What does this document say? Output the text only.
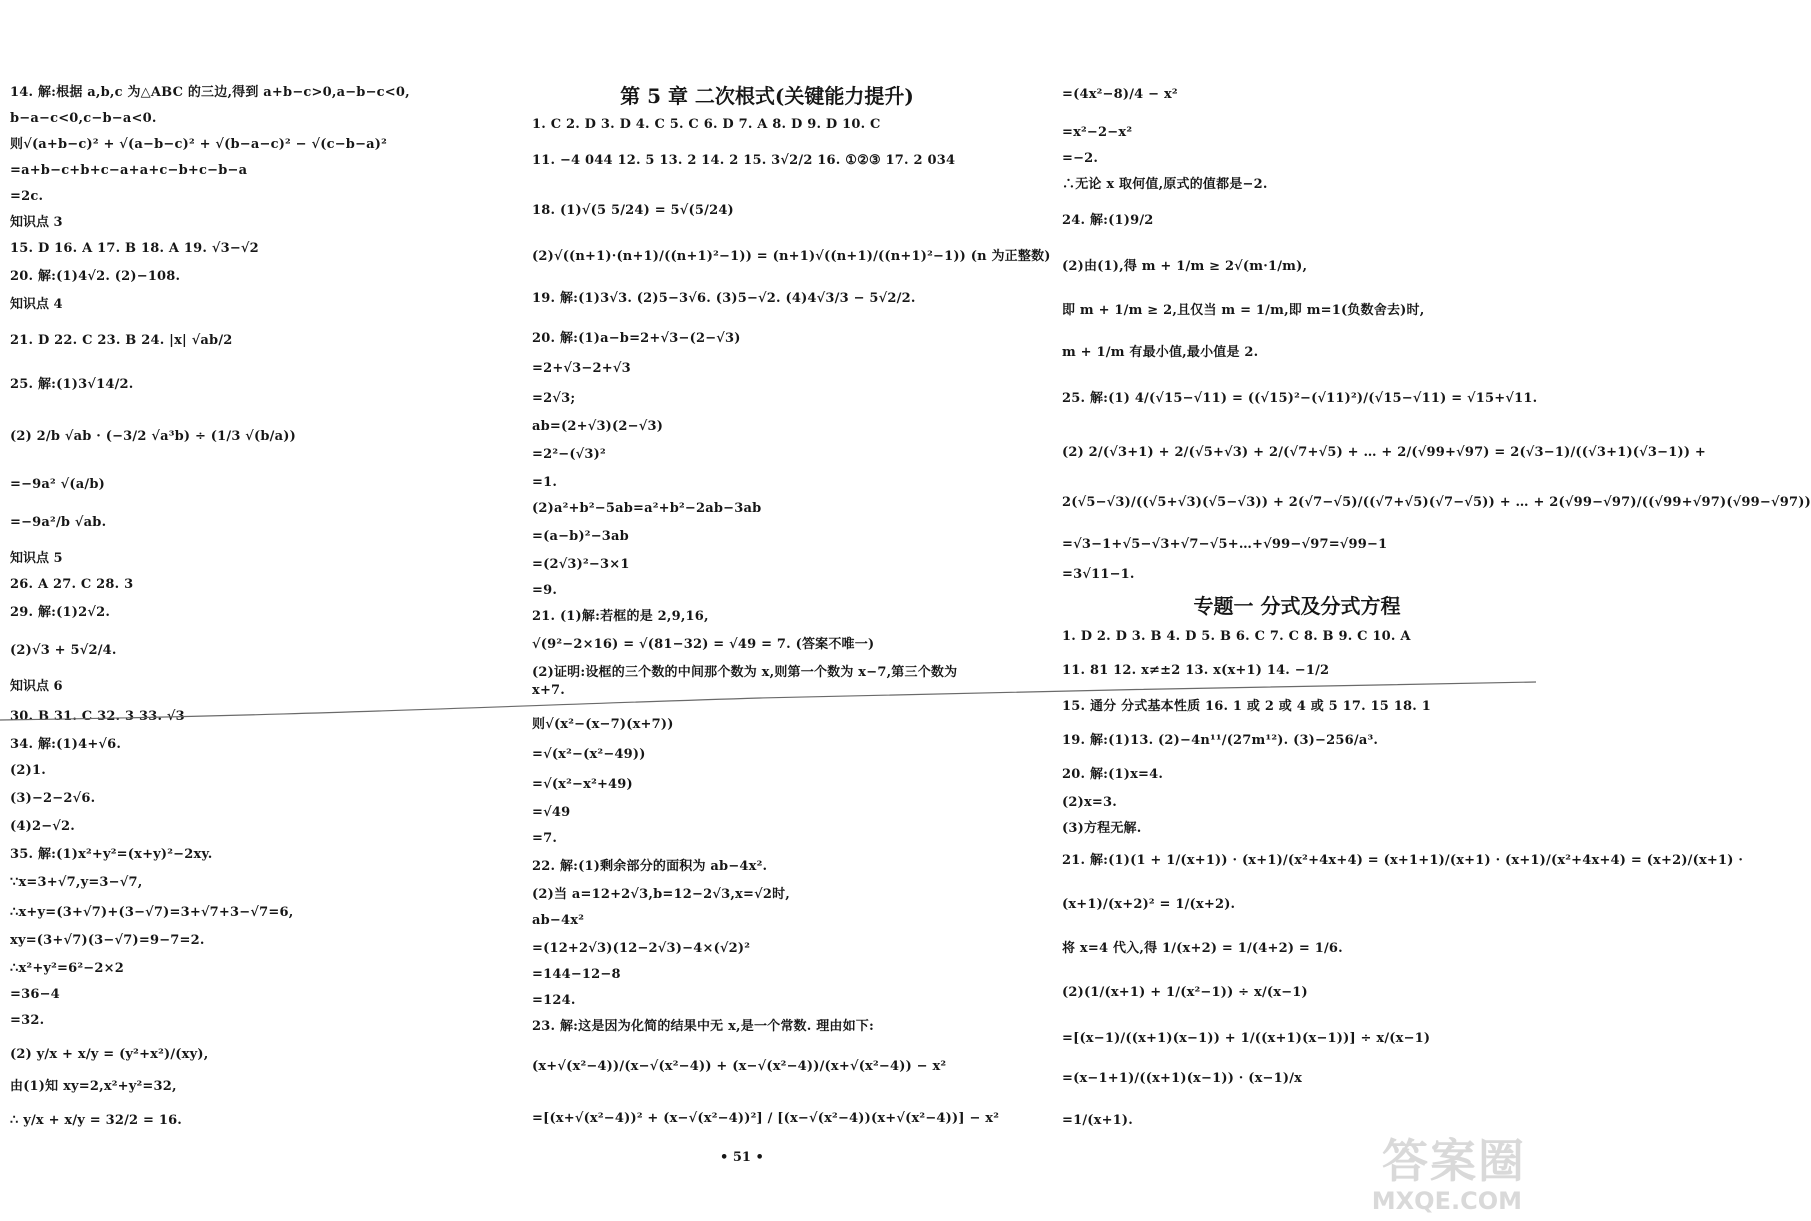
14. 解:根据 a,b,c 为△ABC 的三边,得到 a+b−c>0,a−b−c<0,
b−a−c<0,c−b−a<0.
则√(a+b−c)² + √(a−b−c)² + √(b−a−c)² − √(c−b−a)²
=a+b−c+b+c−a+a+c−b+c−b−a
=2c.
知识点 3
15. D 16. A 17. B 18. A 19. √3−√2
20. 解:(1)4√2. (2)−108.
知识点 4
21. D 22. C 23. B 24. |x| √ab/2
25. 解:(1)3√14/2.
(2) 2/b √ab · (−3/2 √a³b) ÷ (1/3 √(b/a))
=−9a² √(a/b)
=−9a²/b √ab.
知识点 5
26. A 27. C 28. 3
29. 解:(1)2√2.
(2)√3 + 5√2/4.
知识点 6
30. B 31. C 32. 3 33. √3
34. 解:(1)4+√6.
(2)1.
(3)−2−2√6.
(4)2−√2.
35. 解:(1)x²+y²=(x+y)²−2xy.
∵x=3+√7,y=3−√7,
∴x+y=(3+√7)+(3−√7)=3+√7+3−√7=6,
xy=(3+√7)(3−√7)=9−7=2.
∴x²+y²=6²−2×2
=36−4
=32.
(2) y/x + x/y = (y²+x²)/(xy),
由(1)知 xy=2,x²+y²=32,
∴ y/x + x/y = 32/2 = 16.
第 5 章 二次根式(关键能力提升)
1. C 2. D 3. D 4. C 5. C 6. D 7. A 8. D 9. D 10. C
11. −4 044 12. 5 13. 2 14. 2 15. 3√2/2 16. ①②③ 17. 2 034
18. (1)√(5 5/24) = 5√(5/24)
(2)√((n+1)·(n+1)/((n+1)²−1)) = (n+1)√((n+1)/((n+1)²−1)) (n 为正整数)
19. 解:(1)3√3. (2)5−3√6. (3)5−√2. (4)4√3/3 − 5√2/2.
20. 解:(1)a−b=2+√3−(2−√3)
=2+√3−2+√3
=2√3;
ab=(2+√3)(2−√3)
=2²−(√3)²
=1.
(2)a²+b²−5ab=a²+b²−2ab−3ab
=(a−b)²−3ab
=(2√3)²−3×1
=9.
21. (1)解:若框的是 2,9,16,
√(9²−2×16) = √(81−32) = √49 = 7. (答案不唯一)
(2)证明:设框的三个数的中间那个数为 x,则第一个数为 x−7,第三个数为 x+7.
则√(x²−(x−7)(x+7))
=√(x²−(x²−49))
=√(x²−x²+49)
=√49
=7.
22. 解:(1)剩余部分的面积为 ab−4x².
(2)当 a=12+2√3,b=12−2√3,x=√2时,
ab−4x²
=(12+2√3)(12−2√3)−4×(√2)²
=144−12−8
=124.
23. 解:这是因为化简的结果中无 x,是一个常数. 理由如下:
(x+√(x²−4))/(x−√(x²−4)) + (x−√(x²−4))/(x+√(x²−4)) − x²
=[(x+√(x²−4))² + (x−√(x²−4))²] / [(x−√(x²−4))(x+√(x²−4))] − x²
=(4x²−8)/4 − x²
=x²−2−x²
=−2.
∴无论 x 取何值,原式的值都是−2.
24. 解:(1)9/2
(2)由(1),得 m + 1/m ≥ 2√(m·1/m),
即 m + 1/m ≥ 2,且仅当 m = 1/m,即 m=1(负数舍去)时,
m + 1/m 有最小值,最小值是 2.
25. 解:(1) 4/(√15−√11) = ((√15)²−(√11)²)/(√15−√11) = √15+√11.
(2) 2/(√3+1) + 2/(√5+√3) + 2/(√7+√5) + … + 2/(√99+√97) = 2(√3−1)/((√3+1)(√3−1)) +
2(√5−√3)/((√5+√3)(√5−√3)) + 2(√7−√5)/((√7+√5)(√7−√5)) + … + 2(√99−√97)/((√99+√97)(√99−√97))
=√3−1+√5−√3+√7−√5+…+√99−√97=√99−1
=3√11−1.
专题一 分式及分式方程
1. D 2. D 3. B 4. D 5. B 6. C 7. C 8. B 9. C 10. A
11. 81 12. x≠±2 13. x(x+1) 14. −1/2
15. 通分 分式基本性质 16. 1 或 2 或 4 或 5 17. 15 18. 1
19. 解:(1)13. (2)−4n¹¹/(27m¹²). (3)−256/a³.
20. 解:(1)x=4.
(2)x=3.
(3)方程无解.
21. 解:(1)(1 + 1/(x+1)) · (x+1)/(x²+4x+4) = (x+1+1)/(x+1) · (x+1)/(x²+4x+4) = (x+2)/(x+1) ·
(x+1)/(x+2)² = 1/(x+2).
将 x=4 代入,得 1/(x+2) = 1/(4+2) = 1/6.
(2)(1/(x+1) + 1/(x²−1)) ÷ x/(x−1)
=[(x−1)/((x+1)(x−1)) + 1/((x+1)(x−1))] ÷ x/(x−1)
=(x−1+1)/((x+1)(x−1)) · (x−1)/x
=1/(x+1).
• 51 •	答案圈
MXQE.COM
